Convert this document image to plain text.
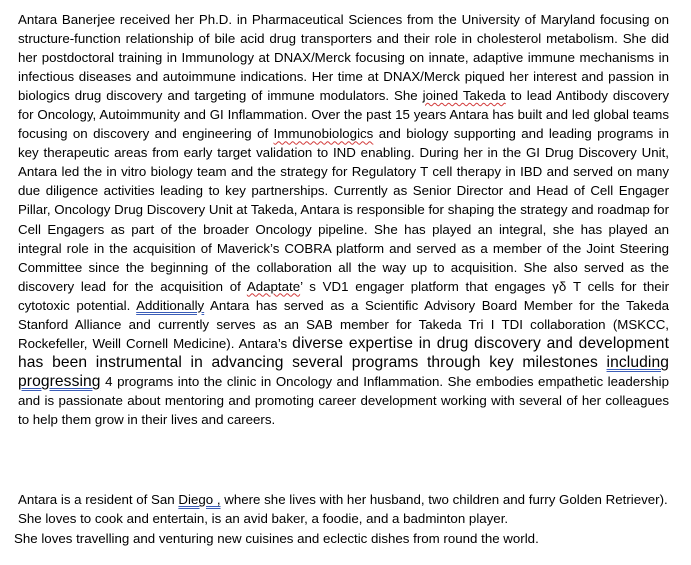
Antara Banerjee received her Ph.D. in Pharmaceutical Sciences from the University of Maryland focusing on structure-function relationship of bile acid drug transporters and their role in cholesterol metabolism. She did her postdoctoral training in Immunology at DNAX/Merck focusing on innate, adaptive immune mechanisms in infectious diseases and autoimmune indications. Her time at DNAX/Merck piqued her interest and passion in biologics drug discovery and targeting of immune modulators. She joined Takeda to lead Antibody discovery for Oncology, Autoimmunity and GI Inflammation. Over the past 15 years Antara has built and led global teams focusing on discovery and engineering of Immunobiologics and biology supporting and leading programs in key therapeutic areas from early target validation to IND enabling. During her in the GI Drug Discovery Unit, Antara led the in vitro biology team and the strategy for Regulatory T cell therapy in IBD and served on many due diligence activities leading to key partnerships. Currently as Senior Director and Head of Cell Engager Pillar, Oncology Drug Discovery Unit at Takeda, Antara is responsible for shaping the strategy and roadmap for Cell Engagers as part of the broader Oncology pipeline. She has played an integral, she has played an integral role in the acquisition of Maverick’s COBRA platform and served as a member of the Joint Steering Committee since the beginning of the collaboration all the way up to acquisition. She also served as the discovery lead for the acquisition of Adaptate’ s VD1 engager platform that engages γδ T cells for their cytotoxic potential. Additionally Antara has served as a Scientific Advisory Board Member for the Takeda Stanford Alliance and currently serves as an SAB member for Takeda Tri I TDI collaboration (MSKCC, Rockefeller, Weill Cornell Medicine). Antara’s diverse expertise in drug discovery and development has been instrumental in advancing several programs through key milestones including progressing 4 programs into the clinic in Oncology and Inflammation. She embodies empathetic leadership and is passionate about mentoring and promoting career development working with several of her colleagues to help them grow in their lives and careers.

Antara is a resident of San Diego , where she lives with her husband, two children and furry Golden Retriever). She loves to cook and entertain, is an avid baker, a foodie, and a badminton player.
She loves travelling and venturing new cuisines and eclectic dishes from round the world.
